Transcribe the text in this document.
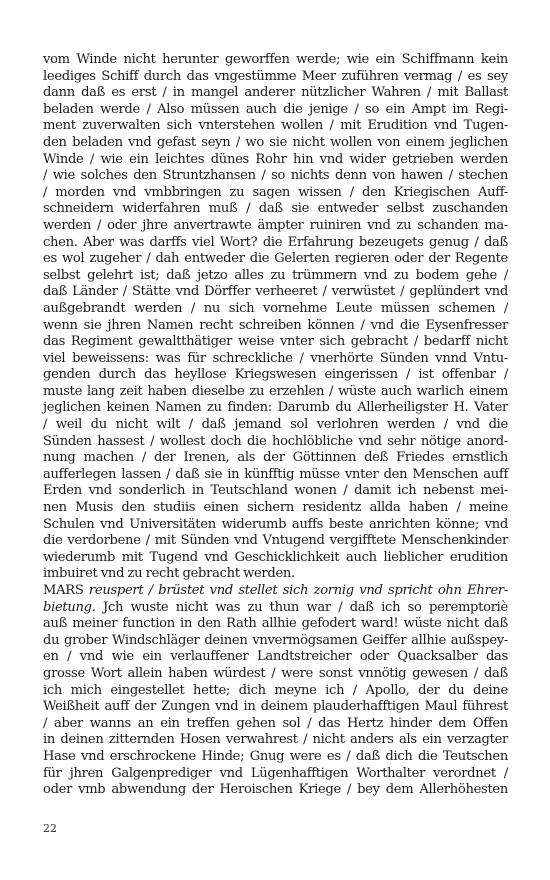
vom Winde nicht herunter geworffen werde; wie ein Schiffmann kein
leediges Schiff durch das vngestümme Meer zuführen vermag / es sey
dann daß es erst / in mangel anderer nützlicher Wahren / mit Ballast
beladen werde / Also müssen auch die jenige / so ein Ampt im Regi-
ment zuverwalten sich vnterstehen wollen / mit Erudition vnd Tugen-
den beladen vnd gefast seyn / wo sie nicht wollen von einem jeglichen
Winde / wie ein leichtes dünes Rohr hin vnd wider getrieben werden
/ wie solches den Struntzhansen / so nichts denn von hawen / stechen
/ morden vnd vmbbringen zu sagen wissen / den Kriegischen Auff-
schneidern widerfahren muß / daß sie entweder selbst zuschanden
werden / oder jhre anvertrawte ämpter ruiniren vnd zu schanden ma-
chen. Aber was darffs viel Wort? die Erfahrung bezeugets genug / daß
es wol zugeher / dah entweder die Gelerten regieren oder der Regente
selbst gelehrt ist; daß jetzo alles zu trümmern vnd zu bodem gehe /
daß Länder / Stätte vnd Dörffer verheeret / verwüstet / geplündert vnd
außgebrandt werden / nu sich vornehme Leute müssen schemen /
wenn sie jhren Namen recht schreiben können / vnd die Eysenfresser
das Regiment gewaltthätiger weise vnter sich gebracht / bedarff nicht
viel beweissens: was für schreckliche / vnerhörte Sünden vnnd Vntu-
genden durch das heyllose Kriegswesen eingerissen / ist offenbar /
muste lang zeit haben dieselbe zu erzehlen / wüste auch warlich einem
jeglichen keinen Namen zu finden: Darumb du Allerheiligster H. Vater
/ weil du nicht wilt / daß jemand sol verlohren werden / vnd die
Sünden hassest / wollest doch die hochlöbliche vnd sehr nötige anord-
nung machen / der Irenen, als der Göttinnen deß Friedes ernstlich
aufferlegen lassen / daß sie in künfftig müsse vnter den Menschen auff
Erden vnd sonderlich in Teutschland wonen / damit ich nebenst mei-
nen Musis den studiis einen sichern residentz allda haben / meine
Schulen vnd Universitäten widerumb auffs beste anrichten könne; vnd
die verdorbene / mit Sünden vnd Vntugend vergifftete Menschenkinder
wiederumb mit Tugend vnd Geschicklichkeit auch lieblicher erudition
imbuiret vnd zu recht gebracht werden.
MARS reuspert / brüstet vnd stellet sich zornig vnd spricht ohn Ehrer-
bietung. Jch wuste nicht was zu thun war / daß ich so peremptoriè
auß meiner function in den Rath allhie gefodert ward! wüste nicht daß
du grober Windschläger deinen vnvermögsamen Geiffer allhie außspey-
en / vnd wie ein verlauffener Landtstreicher oder Quacksalber das
grosse Wort allein haben würdest / were sonst vnnötig gewesen / daß
ich mich eingestellet hette; dich meyne ich / Apollo, der du deine
Weißheit auff der Zungen vnd in deinem plauderhafftigen Maul führest
/ aber wanns an ein treffen gehen sol / das Hertz hinder dem Offen
in deinen zitternden Hosen verwahrest / nicht anders als ein verzagter
Hase vnd erschrockene Hinde; Gnug were es / daß dich die Teutschen
für jhren Galgenprediger vnd Lügenhafftigen Worthalter verordnet /
oder vmb abwendung der Heroischen Kriege / bey dem Allerhöhesten
22
